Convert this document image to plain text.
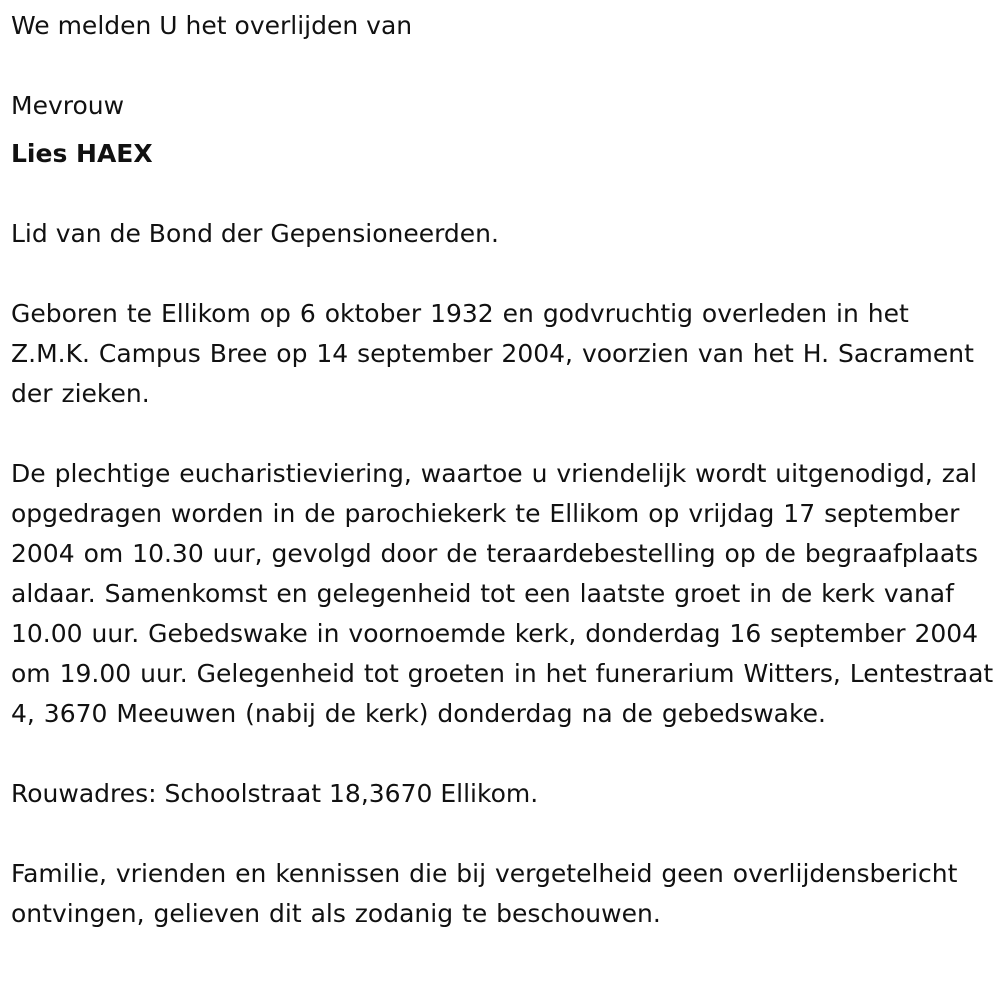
We melden U het overlijden van

Mevrouw

Lies HAEX

Lid van de Bond der Gepensioneerden.

Geboren te Ellikom op 6 oktober 1932 en godvruchtig overleden in het Z.M.K. Campus Bree op 14 september 2004, voorzien van het H. Sacrament der zieken.

De plechtige eucharistieviering, waartoe u vriendelijk wordt uitgenodigd, zal opgedragen worden in de parochiekerk te Ellikom op vrijdag 17 september 2004 om 10.30 uur, gevolgd door de teraardebestelling op de begraafplaats aldaar. Samenkomst en gelegenheid tot een laatste groet in de kerk vanaf 10.00 uur. Gebedswake in voornoemde kerk, donderdag 16 september 2004 om 19.00 uur. Gelegenheid tot groeten in het funerarium Witters, Lentestraat 4, 3670 Meeuwen (nabij de kerk) donderdag na de gebedswake.

Rouwadres: Schoolstraat 18,3670 Ellikom.

Familie, vrienden en kennissen die bij vergetelheid geen overlijdensbericht ontvingen, gelieven dit als zodanig te beschouwen.
